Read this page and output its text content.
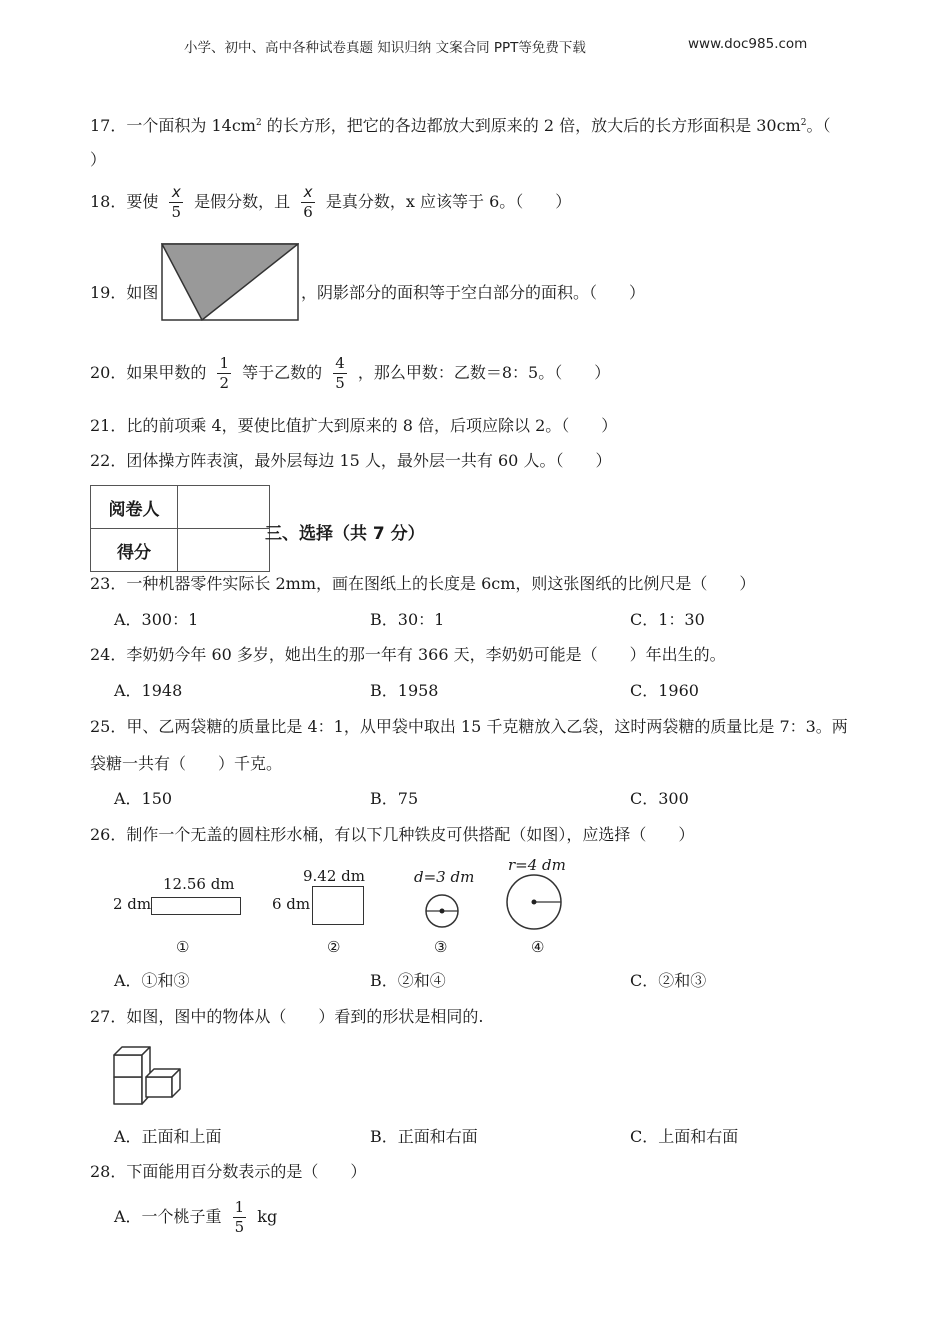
小学、初中、高中各种试卷真题 知识归纳 文案合同 PPT等免费下载	www.doc985.com
17．一个面积为 $14cm^2$ 的长方形，把它的各边都放大到原来的 2 倍，放大后的长方形面积是 $30cm^2$。（
）
18．要使 $\frac{x}{5}$ 是假分数，且 $\frac{x}{6}$ 是真分数，x 应该等于 6。（　　）
19．如图	，阴影部分的面积等于空白部分的面积。（　　）
20．如果甲数的 $\frac{1}{2}$ 等于乙数的 $\frac{4}{5}$ ，那么甲数：乙数＝8：5。（　　）
21．比的前项乘 4，要使比值扩大到原来的 8 倍，后项应除以 2。（　　）
22．团体操方阵表演，最外层每边 15 人，最外层一共有 60 人。（　　）
阅卷人	
得分	
三、选择（共 7 分）
23．一种机器零件实际长 2mm，画在图纸上的长度是 6cm，则这张图纸的比例尺是（　　）
A．300：1	B．30：1	C．1：30
24．李奶奶今年 60 多岁，她出生的那一年有 366 天，李奶奶可能是（　　）年出生的。
A．1948	B．1958	C．1960
25．甲、乙两袋糖的质量比是 4：1，从甲袋中取出 15 千克糖放入乙袋，这时两袋糖的质量比是 7：3。两
袋糖一共有（　　）千克。
A．150	B．75	C．300
26．制作一个无盖的圆柱形水桶，有以下几种铁皮可供搭配（如图），应选择（　　）
12.56 dm
2 dm
9.42 dm
6 dm
d=3 dm
r=4 dm
①	②	③	④
A．①和③	B．②和④	C．②和③
27．如图，图中的物体从（　　）看到的形状是相同的.
A．正面和上面	B．正面和右面	C．上面和右面
28．下面能用百分数表示的是（　　）
A．一个桃子重 $\frac{1}{5}$ kg
